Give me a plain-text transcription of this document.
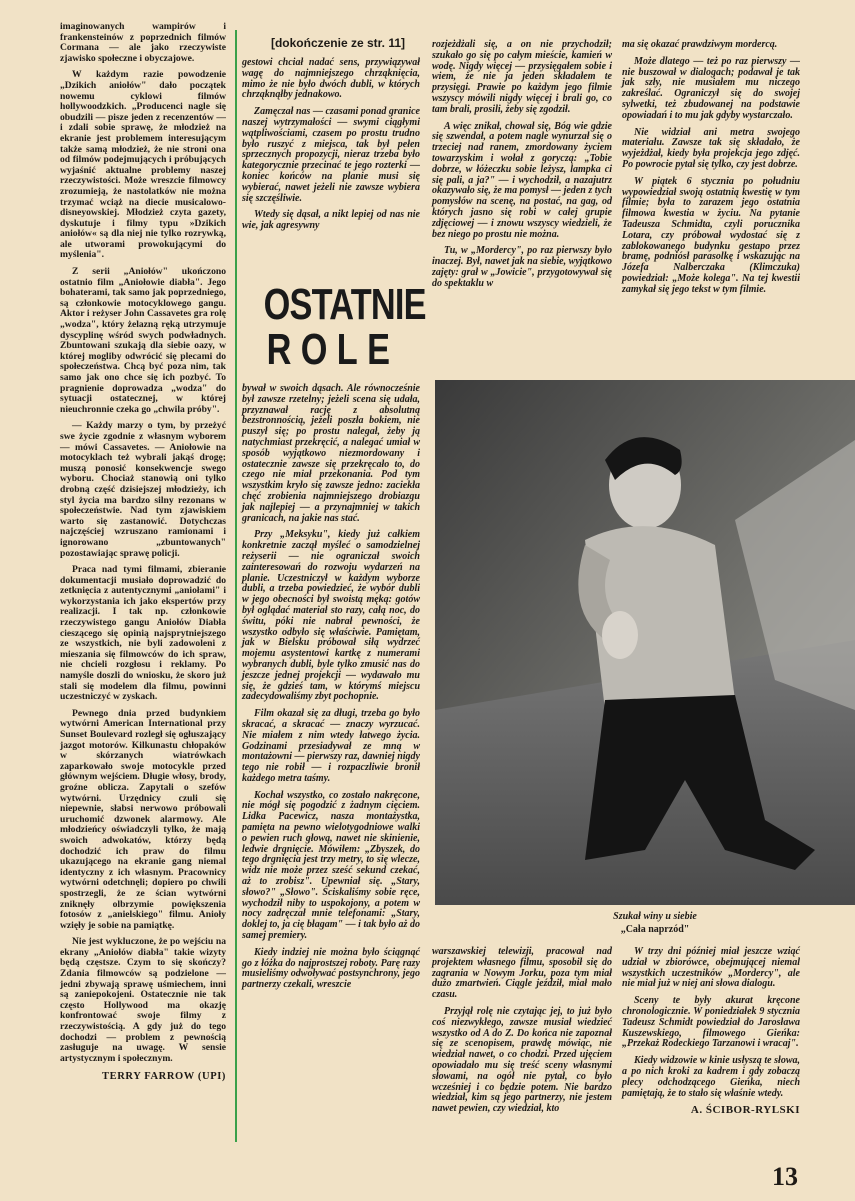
imaginowanych wampirów i frankensteinów z poprzednich filmów Cormana — ale jako rzeczywiste zjawisko społeczne i obyczajowe.

W każdym razie powodzenie „Dzikich aniołów" dało początek nowemu cyklowi filmów hollywoodzkich. „Producenci nagle się obudzili — pisze jeden z recenzentów — i zdali sobie sprawę, że młodzież na ekranie jest problemem interesującym także samą młodzież, że nie stroni ona od filmów podejmujących i próbujących wyjaśnić aktualne problemy naszej rzeczywistości. Może wreszcie filmowcy zrozumieją, że nastolatków nie można trzymać wciąż na diecie musicalowo-disneyowskiej. Młodzież czyta gazety, dyskutuje i filmy typu »Dzikich aniołów« są dla niej nie tylko rozrywką, ale utworami prowokującymi do myślenia".

Z serii „Aniołów" ukończono ostatnio film „Aniołowie diabła". Jego bohaterami, tak samo jak poprzedniego, są członkowie motocyklowego gangu. Aktor i reżyser John Cassavetes gra rolę „wodza", który żelazną ręką utrzymuje dyscyplinę wśród swych podwładnych. Zbuntowani szukają dla siebie oazy, w której mogliby odwrócić się plecami do społeczeństwa. Chcą być poza nim, tak samo jak ono chce się ich pozbyć. To pragnienie doprowadza „wodza" do sytuacji ostatecznej, w której nieuchronnie czeka go „chwila próby".

— Każdy marzy o tym, by przeżyć swe życie zgodnie z własnym wyborem — mówi Cassavetes. — Aniołowie na motocyklach też wybrali jakąś drogę; muszą ponosić konsekwencje swego wyboru. Chociaż stanowią oni tylko drobną część dzisiejszej młodzieży, ich styl życia ma bardzo silny rezonans w społeczeństwie. Nad tym zjawiskiem warto się zastanowić. Dotychczas najczęściej wzruszano ramionami i ignorowano „zbuntowanych" pozostawiając sprawę policji.

Praca nad tymi filmami, zbieranie dokumentacji musiało doprowadzić do zetknięcia z autentycznymi „aniołami" i wykorzystania ich jako ekspertów przy realizacji. I tak np. członkowie rzeczywistego gangu Aniołów Diabła cieszącego się opinią najsprytniejszego ze wszystkich, nie byli zadowoleni z mieszania się filmowców do ich spraw, nie chcieli rozgłosu i reklamy. Po namyśle doszli do wniosku, że skoro już stali się modelem dla filmu, powinni uczestniczyć w zyskach.

Pewnego dnia przed budynkiem wytwórni American International przy Sunset Boulevard rozległ się ogłuszający jazgot motorów. Kilkunastu chłopaków w skórzanych wiatrówkach zaparkowało swoje motocykle przed głównym wejściem. Długie włosy, brody, groźne oblicza. Zapytali o szefów wytwórni. Urzędnicy czuli się niepewnie, słabsi nerwowo próbowali uruchomić dzwonek alarmowy. Ale młodzieńcy oświadczyli tylko, że mają swoich adwokatów, którzy będą dochodzić ich praw do filmu ukazującego na ekranie gang niemal identyczny z ich własnym. Pracownicy wytwórni odetchnęli; dopiero po chwili spostrzegli, że ze ścian wytwórni zniknęły olbrzymie powiększenia fotosów z „anielskiego" filmu. Anioły wzięły je sobie na pamiątkę.

Nie jest wykluczone, że po wejściu na ekrany „Aniołów diabła" takie wizyty będą częstsze. Czym to się skończy? Zdania filmowców są podzielone — jedni zbywają sprawę uśmiechem, inni są zaniepokojeni. Ostatecznie nie tak często Hollywood ma okazję konfrontować swoje filmy z rzeczywistością. A gdy już do tego dochodzi — problem z pewnością zasługuje na uwagę. W sensie artystycznym i społecznym.

TERRY FARROW (UPI)
[dokończenie ze str. 11]

gestowi chciał nadać sens, przywiązywał wagę do najmniejszego chrząknięcia, mimo że nie było dwóch dubli, w których chrząknąłby jednakowo.

Zamęczał nas — czasami ponad granice naszej wytrzymałości — swymi ciągłymi wątpliwościami, czasem po prostu trudno było ruszyć z miejsca, tak był pełen sprzecznych propozycji, nieraz trzeba było kategorycznie przecinać te jego rozterki — koniec końców na planie musi się wybierać, nawet jeżeli nie zawsze wybiera się szczęśliwie.

Wtedy się dąsał, a nikt lepiej od nas nie wie, jak agresywny

OSTATNIE
ROLE

bywał w swoich dąsach. Ale równocześnie był zawsze rzetelny; jeżeli scena się udała, przyznawał rację z absolutną bezstronnością, jeżeli poszła bokiem, nie puszył się; po prostu nalegał, żeby ją natychmiast przekręcić, a nalegać umiał w sposób wyjątkowo niezmordowany i ostatecznie zawsze się przekręcało to, do czego nie miał przekonania. Pod tym wszystkim kryło się zawsze jedno: zaciekła chęć zrobienia najmniejszego drobiazgu jak najlepiej — a przynajmniej w takich granicach, na jakie nas stać.

Przy „Meksyku", kiedy już całkiem konkretnie zaczął myśleć o samodzielnej reżyserii — nie ograniczał swoich zainteresowań do rozwoju wydarzeń na planie. Uczestniczył w każdym wyborze dubli, a trzeba powiedzieć, że wybór dubli w jego obecności był swoistą męką: gotów był oglądać materiał sto razy, całą noc, do świtu, póki nie nabrał pewności, że wszystko odbyło się właściwie. Pamiętam, jak w Bielsku próbował siłą wydrzeć mojemu asystentowi kartkę z numerami wybranych dubli, byle tylko zmusić nas do jeszcze jednej projekcji — wydawało mu się, że gdzieś tam, w którymś miejscu zadecydowaliśmy zbyt pochopnie.

Film okazał się za długi, trzeba go było skracać, a skracać — znaczy wyrzucać. Nie miałem z nim wtedy łatwego życia. Godzinami przesiadywał ze mną w montażowni — pierwszy raz, dawniej nigdy tego nie robił — i rozpaczliwie bronił każdego metra taśmy.

Kochał wszystko, co zostało nakręcone, nie mógł się pogodzić z żadnym cięciem. Lidka Pacewicz, nasza montażystka, pamięta na pewno wielotygodniowe walki o pewien ruch głową, nawet nie skinienie, ledwie drgnięcie. Mówiłem: „Zbyszek, do tego drgnięcia jest trzy metry, to się wlecze, widz nie może przez sześć sekund czekać, aż to zrobisz". Upewniał się. „Stary, słowo?" „Słowo". Ściskaliśmy sobie ręce, wychodził niby to uspokojony, a potem w nocy zadręczał mnie telefonami: „Stary, doklej to, ja cię błagam" — i tak było aż do samej premiery.

Kiedy indziej nie można było ściągnąć go z łóżka do najprostszej roboty. Parę razy musieliśmy odwoływać postsynchrony, jego partnerzy czekali, wreszcie

rozjeżdżali się, a on nie przychodził; szukało go się po całym mieście, kamień w wodę. Nigdy więcej — przysięgałem sobie i wiem, że nie ja jeden składałem te przysięgi. Prawie po każdym jego filmie wszyscy mówili nigdy więcej i brali go, co tam brali, prosili, żeby się zgodził.

A więc znikał, chował się, Bóg wie gdzie się szwendał, a potem nagle wynurzał się o trzeciej nad ranem, zmordowany życiem towarzyskim i wołał z goryczą: „Tobie dobrze, w łóżeczku sobie leżysz, lampka ci się pali, a ja?" — i wychodził, a nazajutrz okazywało się, że ma pomysł — jeden z tych pomysłów na scenę, na postać, na gag, od których jasno się robi w całej grupie zdjęciowej — i znowu wszyscy wiedzieli, że bez niego po prostu nie można.

Tu, w „Mordercy", po raz pierwszy było inaczej. Był, nawet jak na siebie, wyjątkowo zajęty: grał w „Jowicie", przygotowywał się do spektaklu w

ma się okazać prawdziwym mordercą.

Może dlatego — też po raz pierwszy — nie buszował w dialogach; podawał je tak jak szły, nie musiałem mu niczego zakreślać. Ograniczył się do swojej sylwetki, też zbudowanej na podstawie opowiadań i to mu jak gdyby wystarczało.

Nie widział ani metra swojego materiału. Zawsze tak się składało, że wyjeżdżał, kiedy była projekcja jego zdjęć. Po powrocie pytał się tylko, czy jest dobrze.

W piątek 6 stycznia po południu wypowiedział swoją ostatnią kwestię w tym filmie; była to zarazem jego ostatnia filmowa kwestia w życiu. Na pytanie Tadeusza Schmidta, czyli porucznika Lotara, czy próbował wydostać się z zablokowanego budynku gestapo przez bramę, podniósł parasolkę i wskazując na Józefa Nalberczaka (Klimczuka) powiedział: „Może kolega". Na tej kwestii zamykał się jego tekst w tym filmie.

Szukał winy u siebie
„Cała naprzód"

warszawskiej telewizji, pracował nad projektem własnego filmu, sposobił się do zagrania w Nowym Jorku, poza tym miał dużo zmartwień. Ciągle jeździł, miał mało czasu.

Przyjął rolę nie czytając jej, to już było coś niezwykłego, zawsze musiał wiedzieć wszystko od A do Z. Do końca nie zapoznał się ze scenopisem, prawdę mówiąc, nie wiedział nawet, o co chodzi. Przed ujęciem opowiadało mu się treść sceny własnymi słowami, na ogół nie pytał, co było wcześniej i co będzie potem. Nie bardzo wiedział, kim są jego partnerzy, nie jestem nawet pewien, czy wiedział, kto

W trzy dni później miał jeszcze wziąć udział w zbiorówce, obejmującej niemal wszystkich uczestników „Mordercy", ale nie miał już w niej ani słowa dialogu.

Sceny te były akurat kręcone chronologicznie. W poniedziałek 9 stycznia Tadeusz Schmidt powiedział do Jarosława Kuszewskiego, filmowego Gieńka: „Przekaż Rodeckiego Tarzanowi i wracaj".

Kiedy widzowie w kinie usłyszą te słowa, a po nich kroki za kadrem i gdy zobaczą plecy odchodzącego Gieńka, niech pamiętają, że to stało się właśnie wtedy.

A. ŚCIBOR-RYLSKI
13
